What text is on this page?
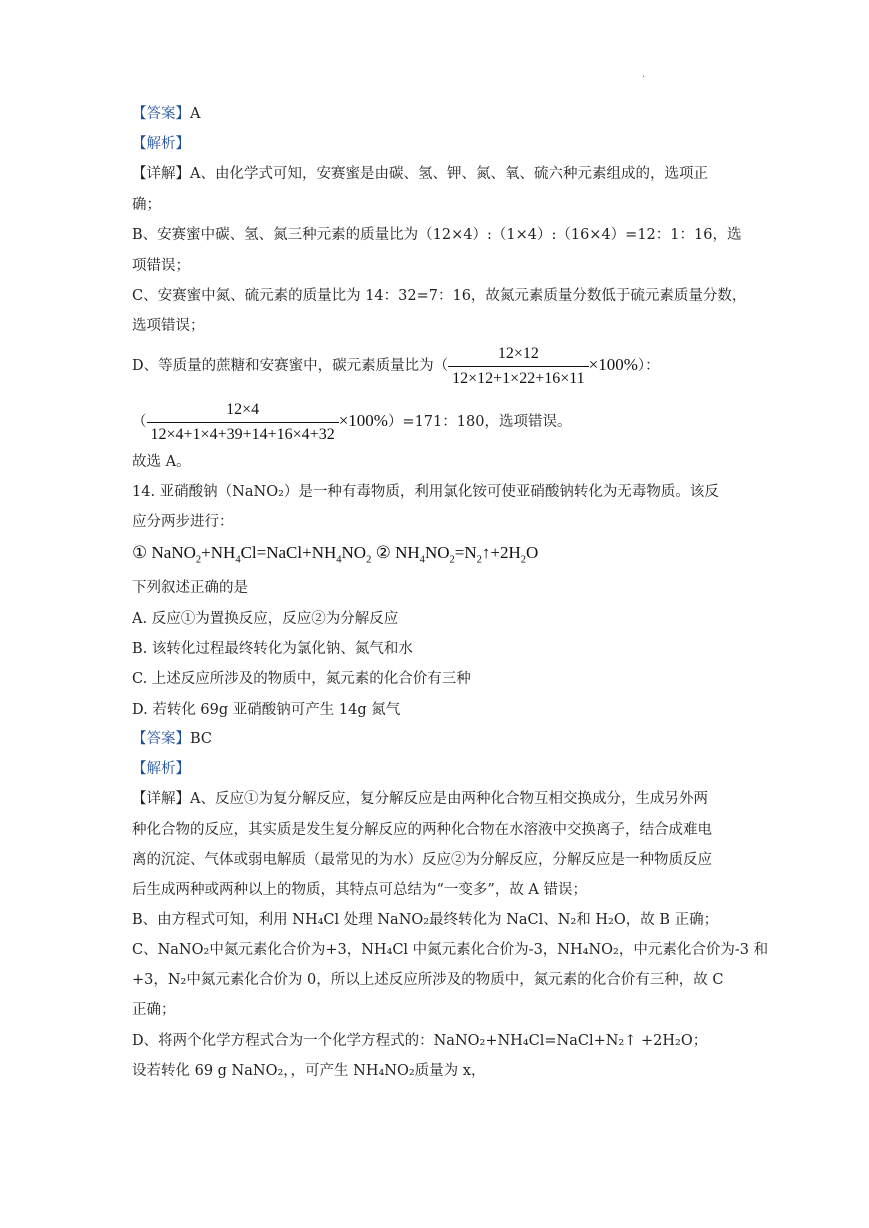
·
【答案】A
【解析】
【详解】A、由化学式可知，安赛蜜是由碳、氢、钾、氮、氧、硫六种元素组成的，选项正
确；
B、安赛蜜中碳、氢、氮三种元素的质量比为（12×4）:（1×4）:（16×4）=12：1：16，选
项错误；
C、安赛蜜中氮、硫元素的质量比为 14：32=7：16，故氮元素质量分数低于硫元素质量分数，
选项错误；
D、等质量的蔗糖和安赛蜜中，碳元素质量比为（ $\frac{12\times 12}{12\times 12+1\times 22+16\times 11} \times 100\%$）：
（ $\frac{12\times 4}{12\times 4+1\times 4+39+14+16\times 4+32} \times 100\%)=171$：180，选项错误。
故选 A。
14. 亚硝酸钠（NaNO₂）是一种有毒物质，利用氯化铵可使亚硝酸钠转化为无毒物质。该反
应分两步进行：
① $NaNO_2+NH_4Cl=NaCl+NH_4NO_2$ ② $NH_4NO_2=N_2↑+2H_2O$
下列叙述正确的是
A. 反应①为置换反应，反应②为分解反应
B. 该转化过程最终转化为氯化钠、氮气和水
C. 上述反应所涉及的物质中，氮元素的化合价有三种
D. 若转化 69g 亚硝酸钠可产生 14g 氮气
【答案】BC
【解析】
【详解】A、反应①为复分解反应，复分解反应是由两种化合物互相交换成分，生成另外两
种化合物的反应，其实质是发生复分解反应的两种化合物在水溶液中交换离子，结合成难电
离的沉淀、气体或弱电解质（最常见的为水）反应②为分解反应，分解反应是一种物质反应
后生成两种或两种以上的物质，其特点可总结为“一变多”，故 A 错误；
B、由方程式可知，利用 NH₄Cl 处理 NaNO₂最终转化为 NaCl、N₂和 H₂O，故 B 正确；
C、NaNO₂中氮元素化合价为+3，NH₄Cl 中氮元素化合价为-3，NH₄NO₂，中元素化合价为-3 和
+3，N₂中氮元素化合价为 0，所以上述反应所涉及的物质中，氮元素的化合价有三种，故 C
正确；
D、将两个化学方程式合为一个化学方程式的：NaNO₂+NH₄Cl=NaCl+N₂↑ +2H₂O；
设若转化 69 g NaNO₂，，可产生 NH₄NO₂质量为 x，
